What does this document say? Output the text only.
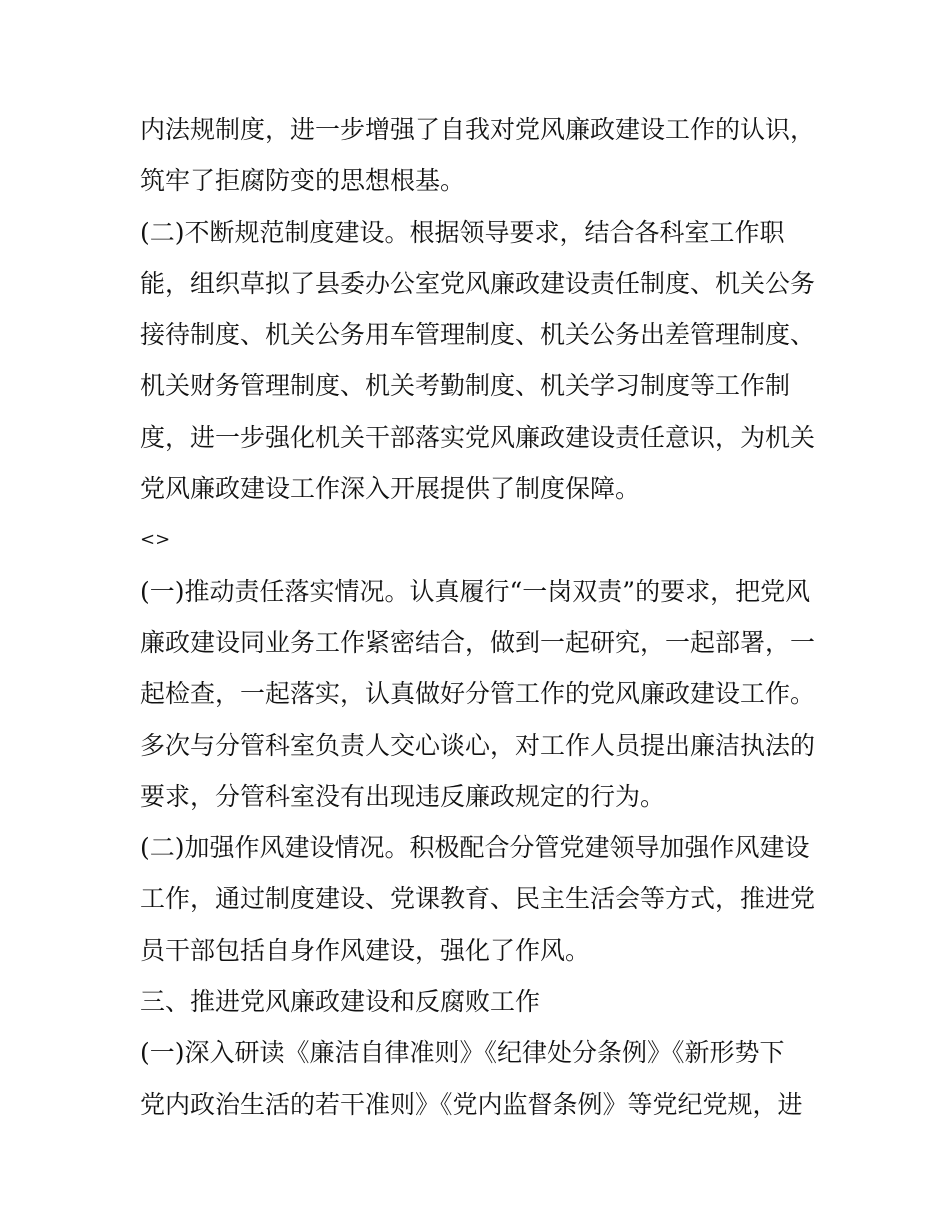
内法规制度，进一步增强了自我对党风廉政建设工作的认识，
筑牢了拒腐防变的思想根基。
(二)不断规范制度建设。根据领导要求，结合各科室工作职
能，组织草拟了县委办公室党风廉政建设责任制度、机关公务
接待制度、机关公务用车管理制度、机关公务出差管理制度、
机关财务管理制度、机关考勤制度、机关学习制度等工作制
度，进一步强化机关干部落实党风廉政建设责任意识，为机关
党风廉政建设工作深入开展提供了制度保障。
<>
(一)推动责任落实情况。认真履行“一岗双责”的要求，把党风
廉政建设同业务工作紧密结合，做到一起研究，一起部署，一
起检查，一起落实，认真做好分管工作的党风廉政建设工作。
多次与分管科室负责人交心谈心，对工作人员提出廉洁执法的
要求，分管科室没有出现违反廉政规定的行为。
(二)加强作风建设情况。积极配合分管党建领导加强作风建设
工作，通过制度建设、党课教育、民主生活会等方式，推进党
员干部包括自身作风建设，强化了作风。
三、推进党风廉政建设和反腐败工作
(一)深入研读《廉洁自律准则》《纪律处分条例》《新形势下
党内政治生活的若干准则》《党内监督条例》等党纪党规，进
